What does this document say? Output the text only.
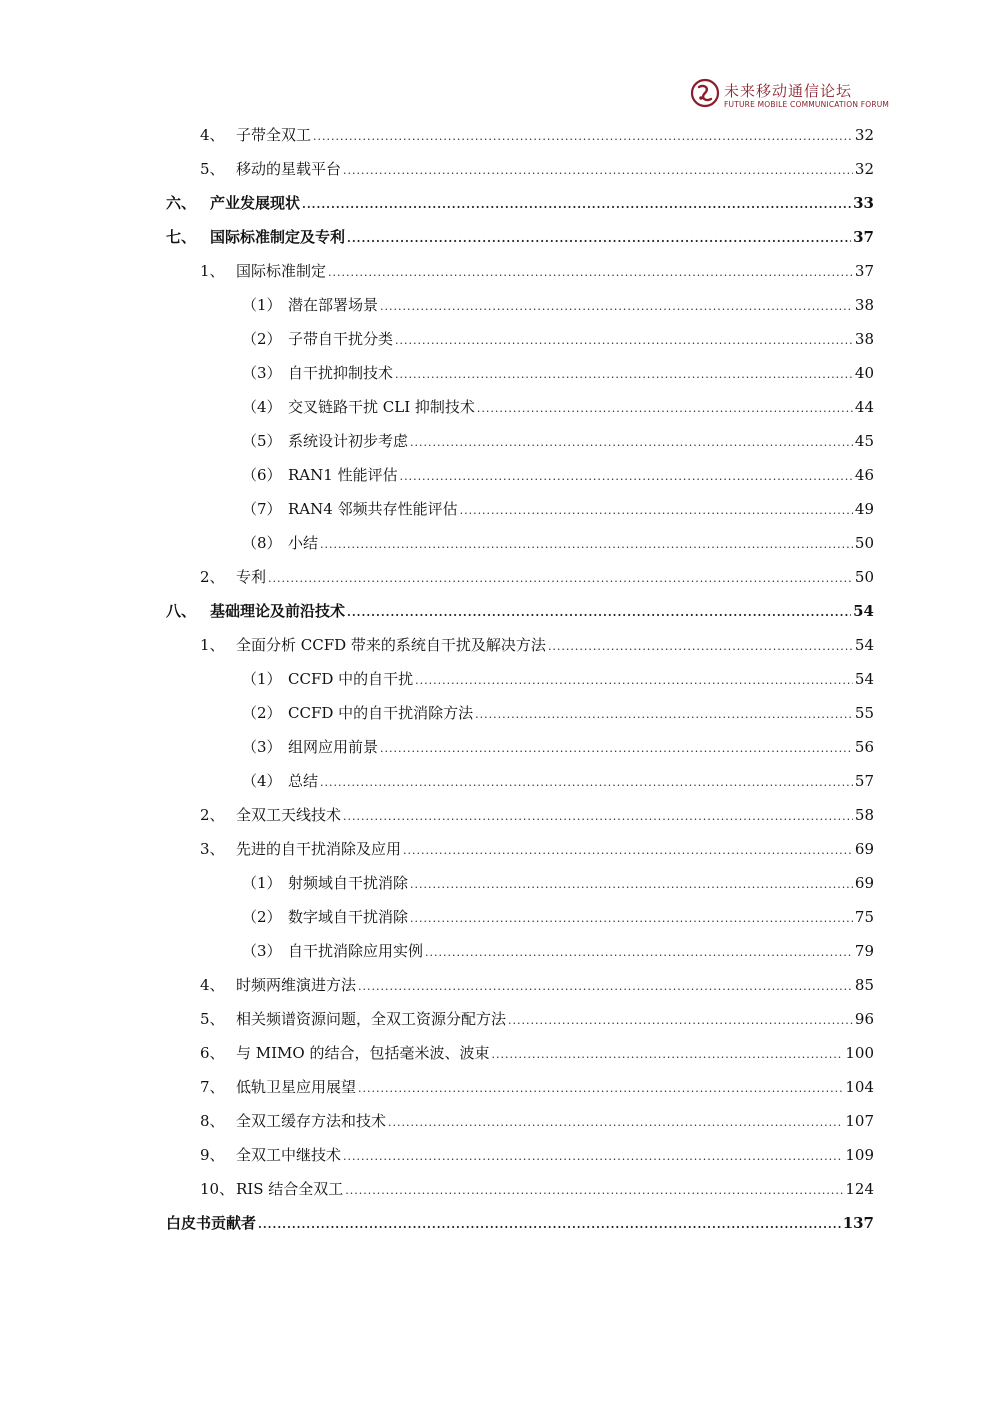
未来移动通信论坛
FUTURE MOBILE COMMUNICATION FORUM
4、 子带全双工 .....	32
5、 移动的星载平台 .....	32
六、 产业发展现状 .....	33
七、 国际标准制定及专利 .....	37
1、 国际标准制定 .....	37
（1） 潜在部署场景 .....	38
（2） 子带自干扰分类 .....	38
（3） 自干扰抑制技术 .....	40
（4） 交叉链路干扰 CLI 抑制技术 .....	44
（5） 系统设计初步考虑 .....	45
（6） RAN1 性能评估 .....	46
（7） RAN4 邻频共存性能评估 .....	49
（8） 小结 .....	50
2、 专利 .....	50
八、 基础理论及前沿技术 .....	54
1、 全面分析 CCFD 带来的系统自干扰及解决方法 .....	54
（1） CCFD 中的自干扰 .....	54
（2） CCFD 中的自干扰消除方法 .....	55
（3） 组网应用前景 .....	56
（4） 总结 .....	57
2、 全双工天线技术 .....	58
3、 先进的自干扰消除及应用 .....	69
（1） 射频域自干扰消除 .....	69
（2） 数字域自干扰消除 .....	75
（3） 自干扰消除应用实例 .....	79
4、 时频两维演进方法 .....	85
5、 相关频谱资源问题，全双工资源分配方法 .....	96
6、 与 MIMO 的结合，包括毫米波、波束 .....	100
7、 低轨卫星应用展望 .....	104
8、 全双工缓存方法和技术 .....	107
9、 全双工中继技术 .....	109
10、 RIS 结合全双工 .....	124
白皮书贡献者 .....	137
